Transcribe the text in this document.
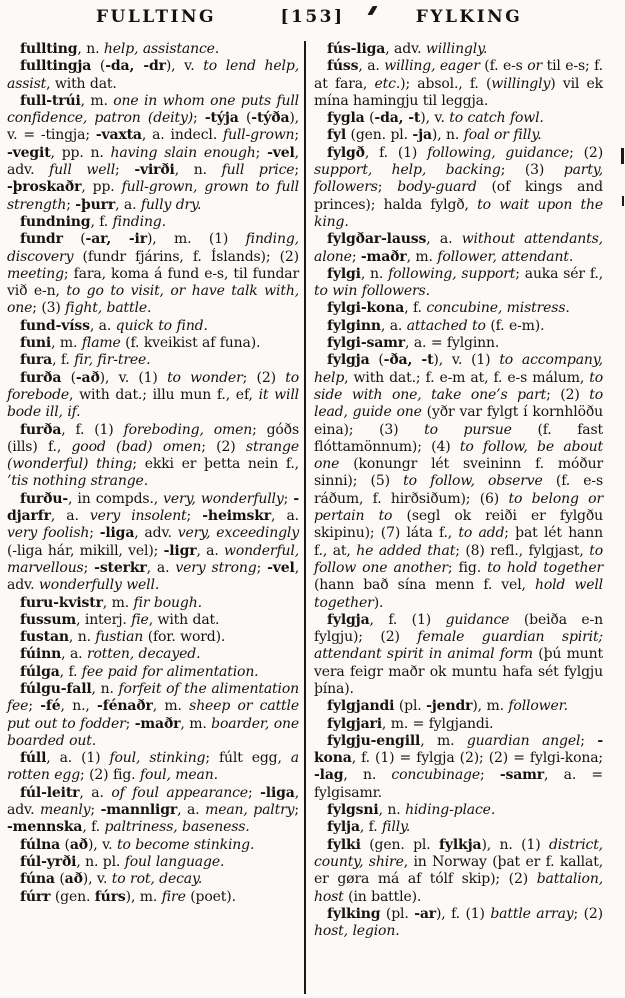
FULLTING	[153]	FYLKING

fullting, n. help, assistance.

fulltingja (-da, -dr), v. to lend help, assist, with dat.

full-trúi, m. one in whom one puts full confidence, patron (deity); -týja (-týða), v. = -tingja; -vaxta, a. indecl. full-grown; -vegit, pp. n. having slain enough; -vel, adv. full well; -virði, n. full price; -þroskaðr, pp. full-grown, grown to full strength; -þurr, a. fully dry.

fundning, f. finding.

fundr (-ar, -ir), m. (1) finding, discovery (fundr fjárins, f. Íslands); (2) meeting; fara, koma á fund e-s, til fundar við e-n, to go to visit, or have talk with, one; (3) fight, battle.

fund-víss, a. quick to find.

funi, m. flame (f. kveikist af funa).

fura, f. fir, fir-tree.

furða (-að), v. (1) to wonder; (2) to forebode, with dat.; illu mun f., ef, it will bode ill, if.

furða, f. (1) foreboding, omen; góðs (ills) f., good (bad) omen; (2) strange (wonderful) thing; ekki er þetta nein f., ’tis nothing strange.

furðu-, in compds., very, wonderfully; -djarfr, a. very insolent; -heimskr, a. very foolish; -liga, adv. very, exceedingly (-liga hár, mikill, vel); -ligr, a. wonderful, marvellous; -sterkr, a. very strong; -vel, adv. wonderfully well.

furu-kvistr, m. fir bough.

fussum, interj. fie, with dat.

fustan, n. fustian (for. word).

fúinn, a. rotten, decayed.

fúlga, f. fee paid for alimentation.

fúlgu-fall, n. forfeit of the alimentation fee; -fé, n., -fénaðr, m. sheep or cattle put out to fodder; -maðr, m. boarder, one boarded out.

fúll, a. (1) foul, stinking; fúlt egg, a rotten egg; (2) fig. foul, mean.

fúl-leitr, a. of foul appearance; -liga, adv. meanly; -mannligr, a. mean, paltry; -mennska, f. paltriness, baseness.

fúlna (að), v. to become stinking.

fúl-yrði, n. pl. foul language.

fúna (að), v. to rot, decay.

fúrr (gen. fúrs), m. fire (poet).

fús-liga, adv. willingly.

fúss, a. willing, eager (f. e-s or til e-s; f. at fara, etc.); absol., f. (willingly) vil ek mína hamingju til leggja.

fygla (-da, -t), v. to catch fowl.

fyl (gen. pl. -ja), n. foal or filly.

fylgð, f. (1) following, guidance; (2) support, help, backing; (3) party, followers; body-guard (of kings and princes); halda fylgð, to wait upon the king.

fylgðar-lauss, a. without attendants, alone; -maðr, m. follower, attendant.

fylgi, n. following, support; auka sér f., to win followers.

fylgi-kona, f. concubine, mistress.

fylginn, a. attached to (f. e-m).

fylgi-samr, a. = fylginn.

fylgja (-ða, -t), v. (1) to accompany, help, with dat.; f. e-m at, f. e-s málum, to side with one, take one’s part; (2) to lead, guide one (yðr var fylgt í kornhlöðu eina); (3) to pursue (f. fast flóttamönnum); (4) to follow, be about one (konungr lét sveininn f. móður sinni); (5) to follow, observe (f. e-s ráðum, f. hirðsiðum); (6) to belong or pertain to (segl ok reiði er fylgðu skipinu); (7) láta f., to add; þat lét hann f., at, he added that; (8) refl., fylgjast, to follow one another; fig. to hold together (hann bað sína menn f. vel, hold well together).

fylgja, f. (1) guidance (beiða e-n fylgju); (2) female guardian spirit; attendant spirit in animal form (þú munt vera feigr maðr ok muntu hafa sét fylgju þína).

fylgjandi (pl. -jendr), m. follower.

fylgjari, m. = fylgjandi.

fylgju-engill, m. guardian angel; -kona, f. (1) = fylgja (2); (2) = fylgi-kona; -lag, n. concubinage; -samr, a. = fylgisamr.

fylgsni, n. hiding-place.

fylja, f. filly.

fylki (gen. pl. fylkja), n. (1) district, county, shire, in Norway (þat er f. kallat, er gøra má af tólf skip); (2) battalion, host (in battle).

fylking (pl. -ar), f. (1) battle array; (2) host, legion.
